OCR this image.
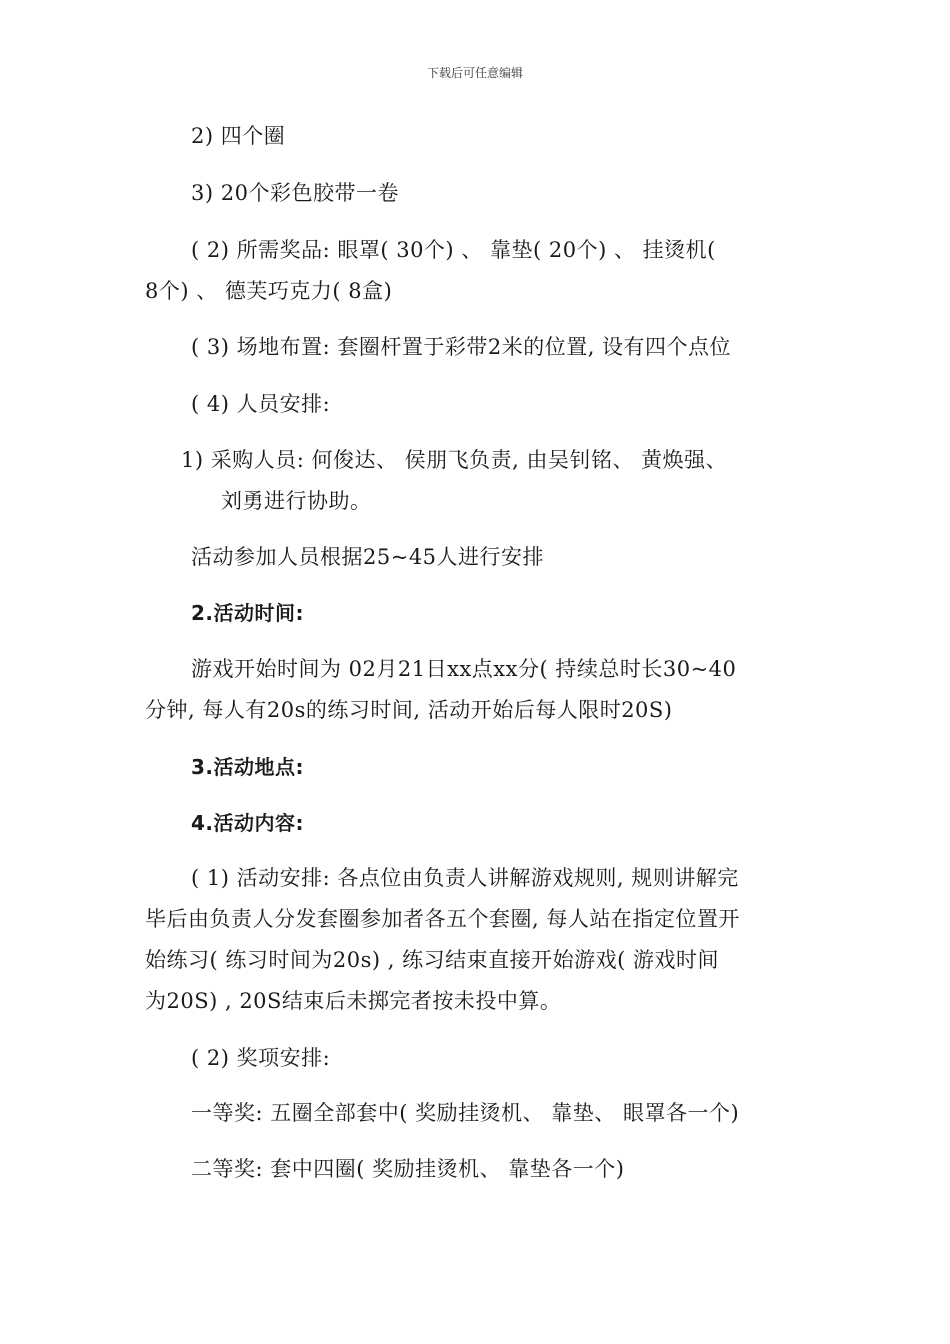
下载后可任意编辑
2) 四个圈
3) 20个彩色胶带一卷
( 2) 所需奖品: 眼罩( 30个) 、 靠垫( 20个) 、 挂烫机(
8个) 、 德芙巧克力( 8盒)
( 3) 场地布置: 套圈杆置于彩带2米的位置, 设有四个点位
( 4) 人员安排:
1) 采购人员: 何俊达、 侯朋飞负责, 由吴钊铭、 黄焕强、
刘勇进行协助。
活动参加人员根据25~45人进行安排
2.活动时间:
游戏开始时间为 02月21日xx点xx分( 持续总时长30~40
分钟, 每人有20s的练习时间, 活动开始后每人限时20S)
3.活动地点:
4.活动内容:
( 1) 活动安排: 各点位由负责人讲解游戏规则, 规则讲解完
毕后由负责人分发套圈参加者各五个套圈, 每人站在指定位置开
始练习( 练习时间为20s) , 练习结束直接开始游戏( 游戏时间
为20S) , 20S结束后未掷完者按未投中算。
( 2) 奖项安排:
一等奖: 五圈全部套中( 奖励挂烫机、 靠垫、 眼罩各一个)
二等奖: 套中四圈( 奖励挂烫机、 靠垫各一个)
